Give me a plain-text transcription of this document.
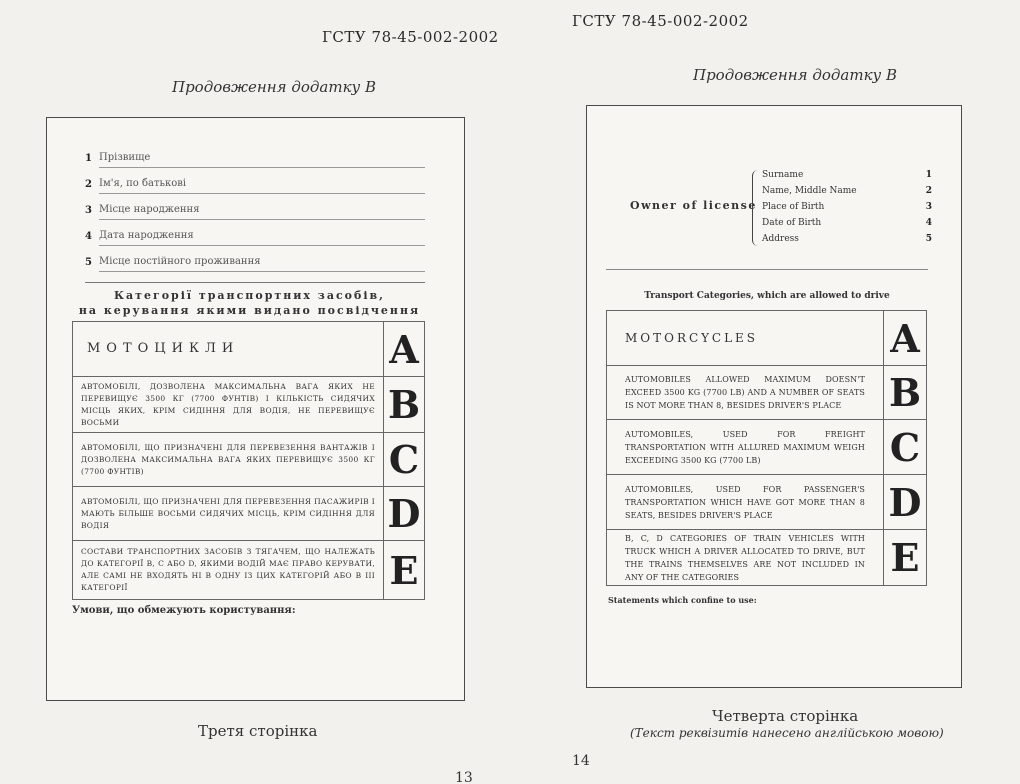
ГСТУ 78-45-002-2002
Продовження додатку В
1 Прізвище
2 Ім'я, по батькові
3 Місце народження
4 Дата народження
5 Місце постійного проживання
Категорії транспортних засобів,
на керування якими видано посвідчення
МОТОЦИКЛИ	A
АВТОМОБІЛІ, ДОЗВОЛЕНА МАКСИМАЛЬНА ВАГА ЯКИХ НЕ ПЕРЕВИЩУЄ 3500 КГ (7700 ФУНТІВ) І КІЛЬКІСТЬ СИДЯЧИХ МІСЦЬ ЯКИХ, КРІМ СИДІННЯ ДЛЯ ВОДІЯ, НЕ ПЕРЕВИЩУЄ ВОСЬМИ	B
АВТОМОБІЛІ, ЩО ПРИЗНАЧЕНІ ДЛЯ ПЕРЕВЕЗЕННЯ ВАНТАЖІВ І ДОЗВОЛЕНА МАКСИМАЛЬНА ВАГА ЯКИХ ПЕРЕВИЩУЄ 3500 КГ (7700 ФУНТІВ)	C
АВТОМОБІЛІ, ЩО ПРИЗНАЧЕНІ ДЛЯ ПЕРЕВЕЗЕННЯ ПАСАЖИРІВ І МАЮТЬ БІЛЬШЕ ВОСЬМИ СИДЯЧИХ МІСЦЬ, КРІМ СИДІННЯ ДЛЯ ВОДІЯ	D
СОСТАВИ ТРАНСПОРТНИХ ЗАСОБІВ З ТЯГАЧЕМ, ЩО НАЛЕЖАТЬ ДО КАТЕГОРІЇ B, C АБО D, ЯКИМИ ВОДІЙ МАЄ ПРАВО КЕРУВАТИ, АЛЕ САМІ НЕ ВХОДЯТЬ НІ В ОДНУ ІЗ ЦИХ КАТЕГОРІЙ АБО В ІІІ КАТЕГОРІЇ	E
Умови, що обмежують користування:
Третя сторінка
13
ГСТУ 78-45-002-2002
Продовження додатку В
Owner of license
Surname	1
Name, Middle Name	2
Place of Birth	3
Date of Birth	4
Address	5
Transport Categories, which are allowed to drive
MOTORCYCLES	A
AUTOMOBILES ALLOWED MAXIMUM DOESN'T EXCEED 3500 KG (7700 LB) AND A NUMBER OF SEATS IS NOT MORE THAN 8, BESIDES DRIVER'S PLACE	B
AUTOMOBILES, USED FOR FREIGHT TRANSPORTATION WITH ALLURED MAXIMUM WEIGH EXCEEDING 3500 KG (7700 LB)	C
AUTOMOBILES, USED FOR PASSENGER'S TRANSPORTATION WHICH HAVE GOT MORE THAN 8 SEATS, BESIDES DRIVER'S PLACE	D
B, C, D CATEGORIES OF TRAIN VEHICLES WITH TRUCK WHICH A DRIVER ALLOCATED TO DRIVE, BUT THE TRAINS THEMSELVES ARE NOT INCLUDED IN ANY OF THE CATEGORIES	E
Statements which confine to use:
Четверта сторінка
(Текст реквізитів нанесено англійською мовою)
14
